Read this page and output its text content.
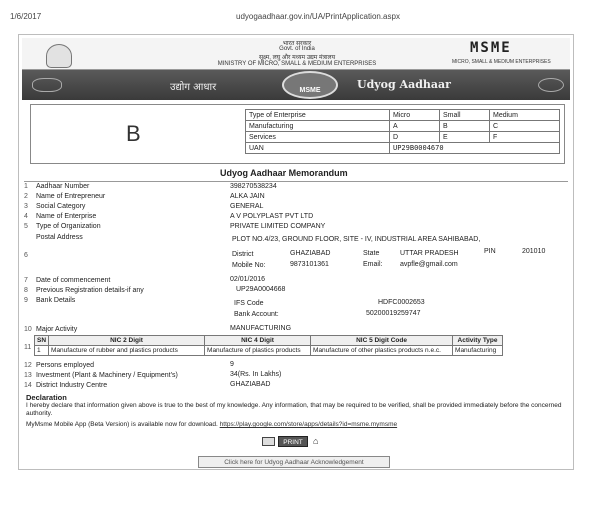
1/6/2017	udyogaadhaar.gov.in/UA/PrintApplication.aspx
भारत सरकार
Govt. of India
सूक्ष्म, लघु और मध्यम उद्यम मंत्रालय
MINISTRY OF MICRO, SMALL & MEDIUM ENTERPRISES
MSME
MICRO, SMALL & MEDIUM ENTERPRISES
उद्योग आधार	MSME	Udyog Aadhaar
B
Type of Enterprise	Micro	Small	Medium
Manufacturing	A	B	C
Services	D	E	F
UAN	UP29B0004670		
Udyog Aadhaar Memorandum
1 Aadhaar Number	398270538234
2 Name of Entrepreneur	ALKA JAIN
3 Social Category	GENERAL
4 Name of Enterprise	A V POLYPLAST PVT LTD
5 Type of Organization	PRIVATE LIMITED COMPANY
Postal Address
6
PLOT NO.4/23, GROUND FLOOR, SITE - IV, INDUSTRIAL AREA SAHIBABAD,
PIN	201010
District	GHAZIABAD	State	UTTAR PRADESH
Mobile No:	9873101361	Email:	avpfle@gmail.com
7 Date of commencement	02/01/2016
8 Previous Registration details-if any	UP29A0004668
9 Bank Details	IFS Code	HDFC0002653
Bank Account:	50200019259747
10 Major Activity	MANUFACTURING
11
SN	NIC 2 Digit	NIC 4 Digit	NIC 5 Digit Code	Activity Type
1	Manufacture of rubber and plastics products	Manufacture of plastics products	Manufacture of other plastics products n.e.c.	Manufacturing
12 Persons employed	9
13 Investment (Plant & Machinery / Equipment's)	34(Rs. In Lakhs)
14 District Industry Centre	GHAZIABAD
Declaration
I hereby declare that information given above is true to the best of my knowledge. Any information, that may be required to be verified, shall be provided immediately before the concerned authority.
MyMsme Mobile App (Beta Version) is available now for download. https://play.google.com/store/apps/details?id=msme.mymsme
PRINT	⌂
Click here for Udyog Aadhaar Acknowledgement
